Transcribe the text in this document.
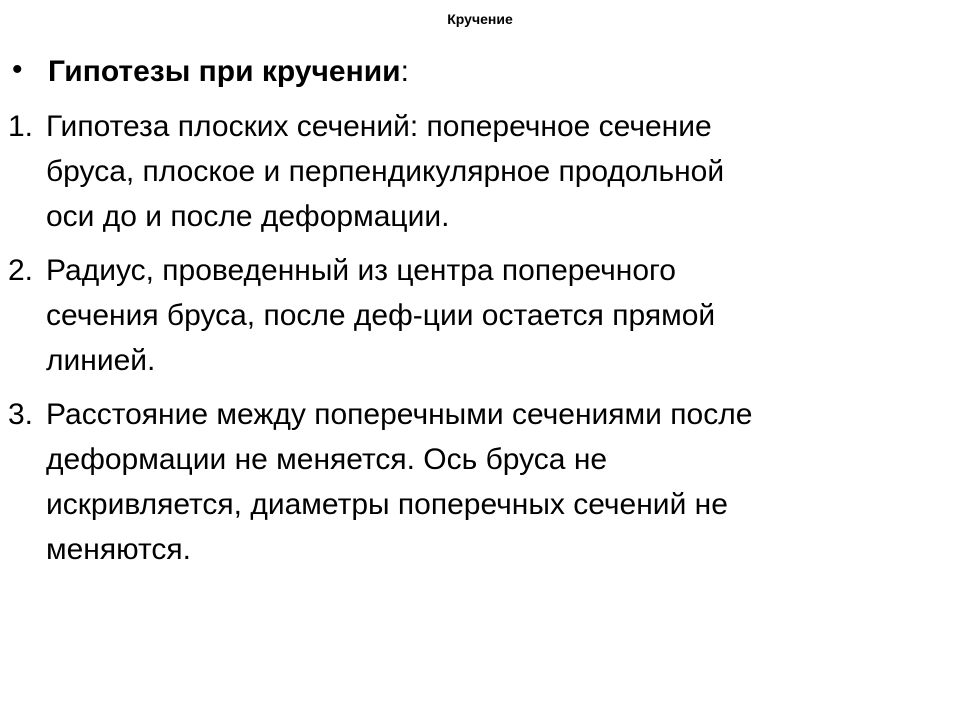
Кручение
• Гипотезы при кручении:
1. Гипотеза плоских сечений: поперечное сечение
бруса, плоское и перпендикулярное продольной
оси до и после деформации.
2. Радиус, проведенный из центра поперечного
сечения бруса, после деф-ции остается прямой
линией.
3. Расстояние между поперечными сечениями после
деформации не меняется. Ось бруса не
искривляется, диаметры поперечных сечений не
меняются.
